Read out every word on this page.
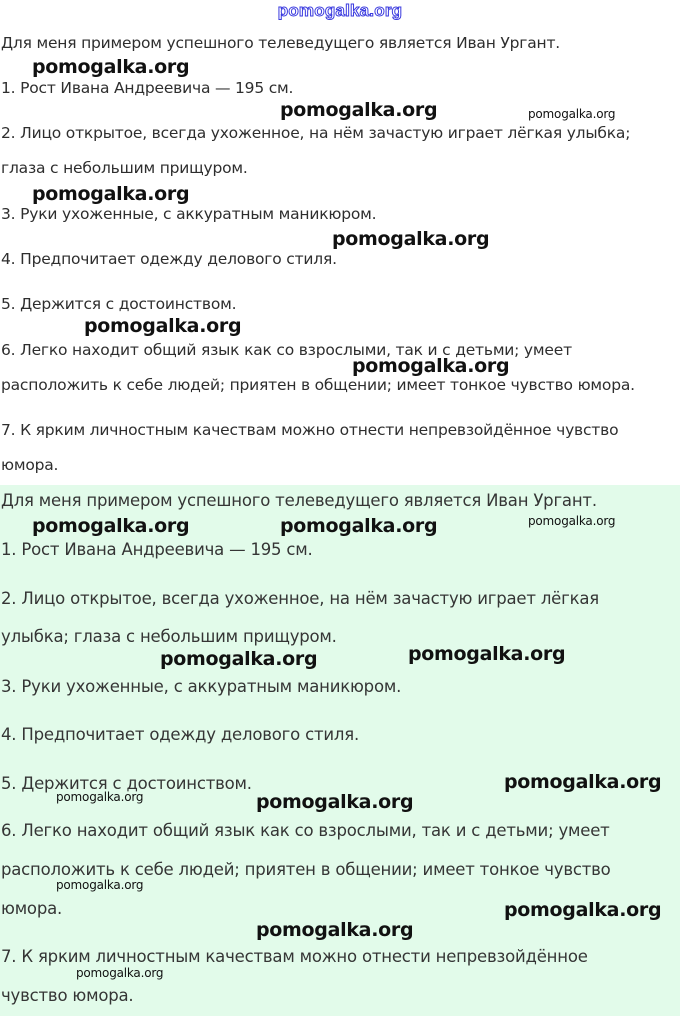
pomogalka.org
Для меня примером успешного телеведущего является Иван Ургант.
1. Рост Ивана Андреевича — 195 см.
2. Лицо открытое, всегда ухоженное, на нём зачастую играет лёгкая улыбка;
глаза с небольшим прищуром.
3. Руки ухоженные, с аккуратным маникюром.
4. Предпочитает одежду делового стиля.
5. Держится с достоинством.
6. Легко находит общий язык как со взрослыми, так и с детьми; умеет
расположить к себе людей; приятен в общении; имеет тонкое чувство юмора.
7. К ярким личностным качествам можно отнести непревзойдённое чувство
юмора.
pomogalka.org
pomogalka.org	pomogalka.org
pomogalka.org
pomogalka.org
pomogalka.org
pomogalka.org
Для меня примером успешного телеведущего является Иван Ургант.
1. Рост Ивана Андреевича — 195 см.
2. Лицо открытое, всегда ухоженное, на нём зачастую играет лёгкая
улыбка; глаза с небольшим прищуром.
3. Руки ухоженные, с аккуратным маникюром.
4. Предпочитает одежду делового стиля.
5. Держится с достоинством.
6. Легко находит общий язык как со взрослыми, так и с детьми; умеет
расположить к себе людей; приятен в общении; имеет тонкое чувство
юмора.
7. К ярким личностным качествам можно отнести непревзойдённое
чувство юмора.
pomogalka.org	pomogalka.org	pomogalka.org
pomogalka.org	pomogalka.org
pomogalka.org
pomogalka.org	pomogalka.org
pomogalka.org
pomogalka.org
pomogalka.org
pomogalka.org
